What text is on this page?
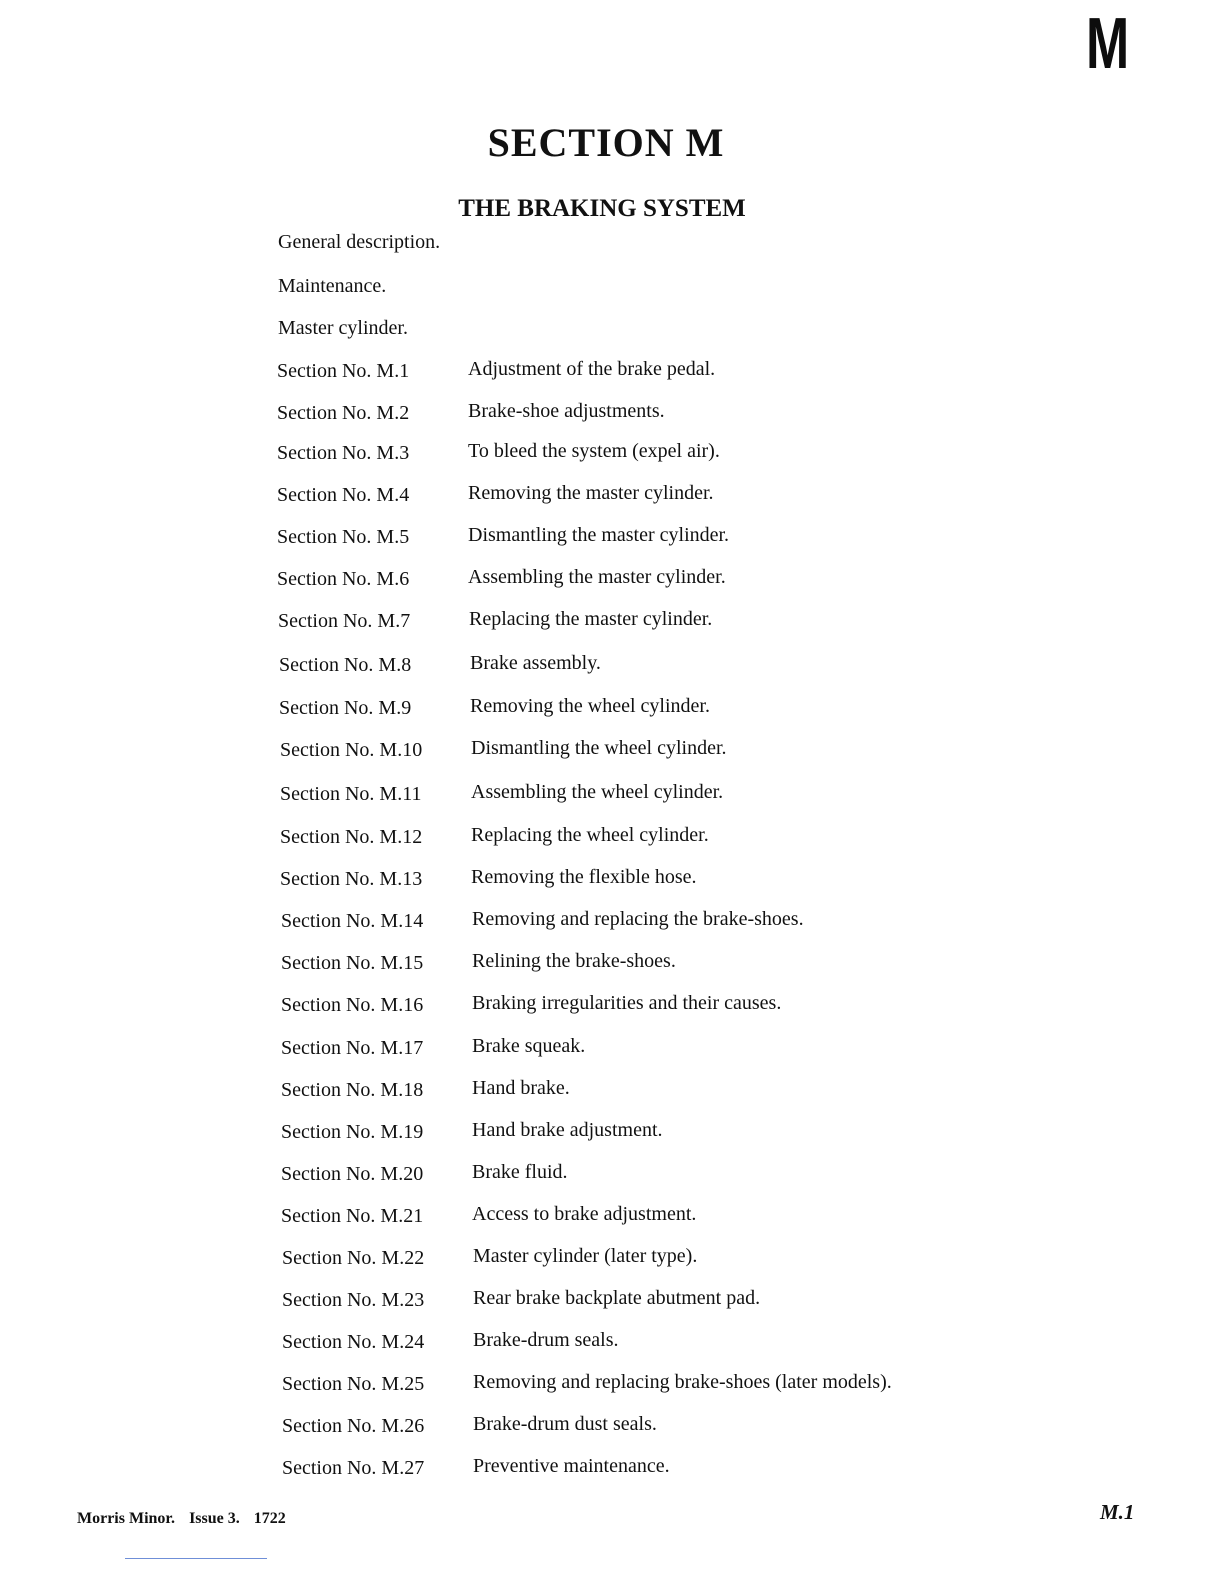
M
SECTION M
THE BRAKING SYSTEM
General description.
Maintenance.
Master cylinder.
Section No. M.1	Adjustment of the brake pedal.
Section No. M.2	Brake-shoe adjustments.
Section No. M.3	To bleed the system (expel air).
Section No. M.4	Removing the master cylinder.
Section No. M.5	Dismantling the master cylinder.
Section No. M.6	Assembling the master cylinder.
Section No. M.7	Replacing the master cylinder.
Section No. M.8	Brake assembly.
Section No. M.9	Removing the wheel cylinder.
Section No. M.10 Dismantling the wheel cylinder.
Section No. M.11 Assembling the wheel cylinder.
Section No. M.12 Replacing the wheel cylinder.
Section No. M.13 Removing the flexible hose.
Section No. M.14 Removing and replacing the brake-shoes.
Section No. M.15 Relining the brake-shoes.
Section No. M.16 Braking irregularities and their causes.
Section No. M.17 Brake squeak.
Section No. M.18 Hand brake.
Section No. M.19 Hand brake adjustment.
Section No. M.20 Brake fluid.
Section No. M.21 Access to brake adjustment.
Section No. M.22 Master cylinder (later type).
Section No. M.23 Rear brake backplate abutment pad.
Section No. M.24 Brake-drum seals.
Section No. M.25 Removing and replacing brake-shoes (later models).
Section No. M.26 Brake-drum dust seals.
Section No. M.27 Preventive maintenance.
Morris Minor. Issue 3. 1722	M.1
